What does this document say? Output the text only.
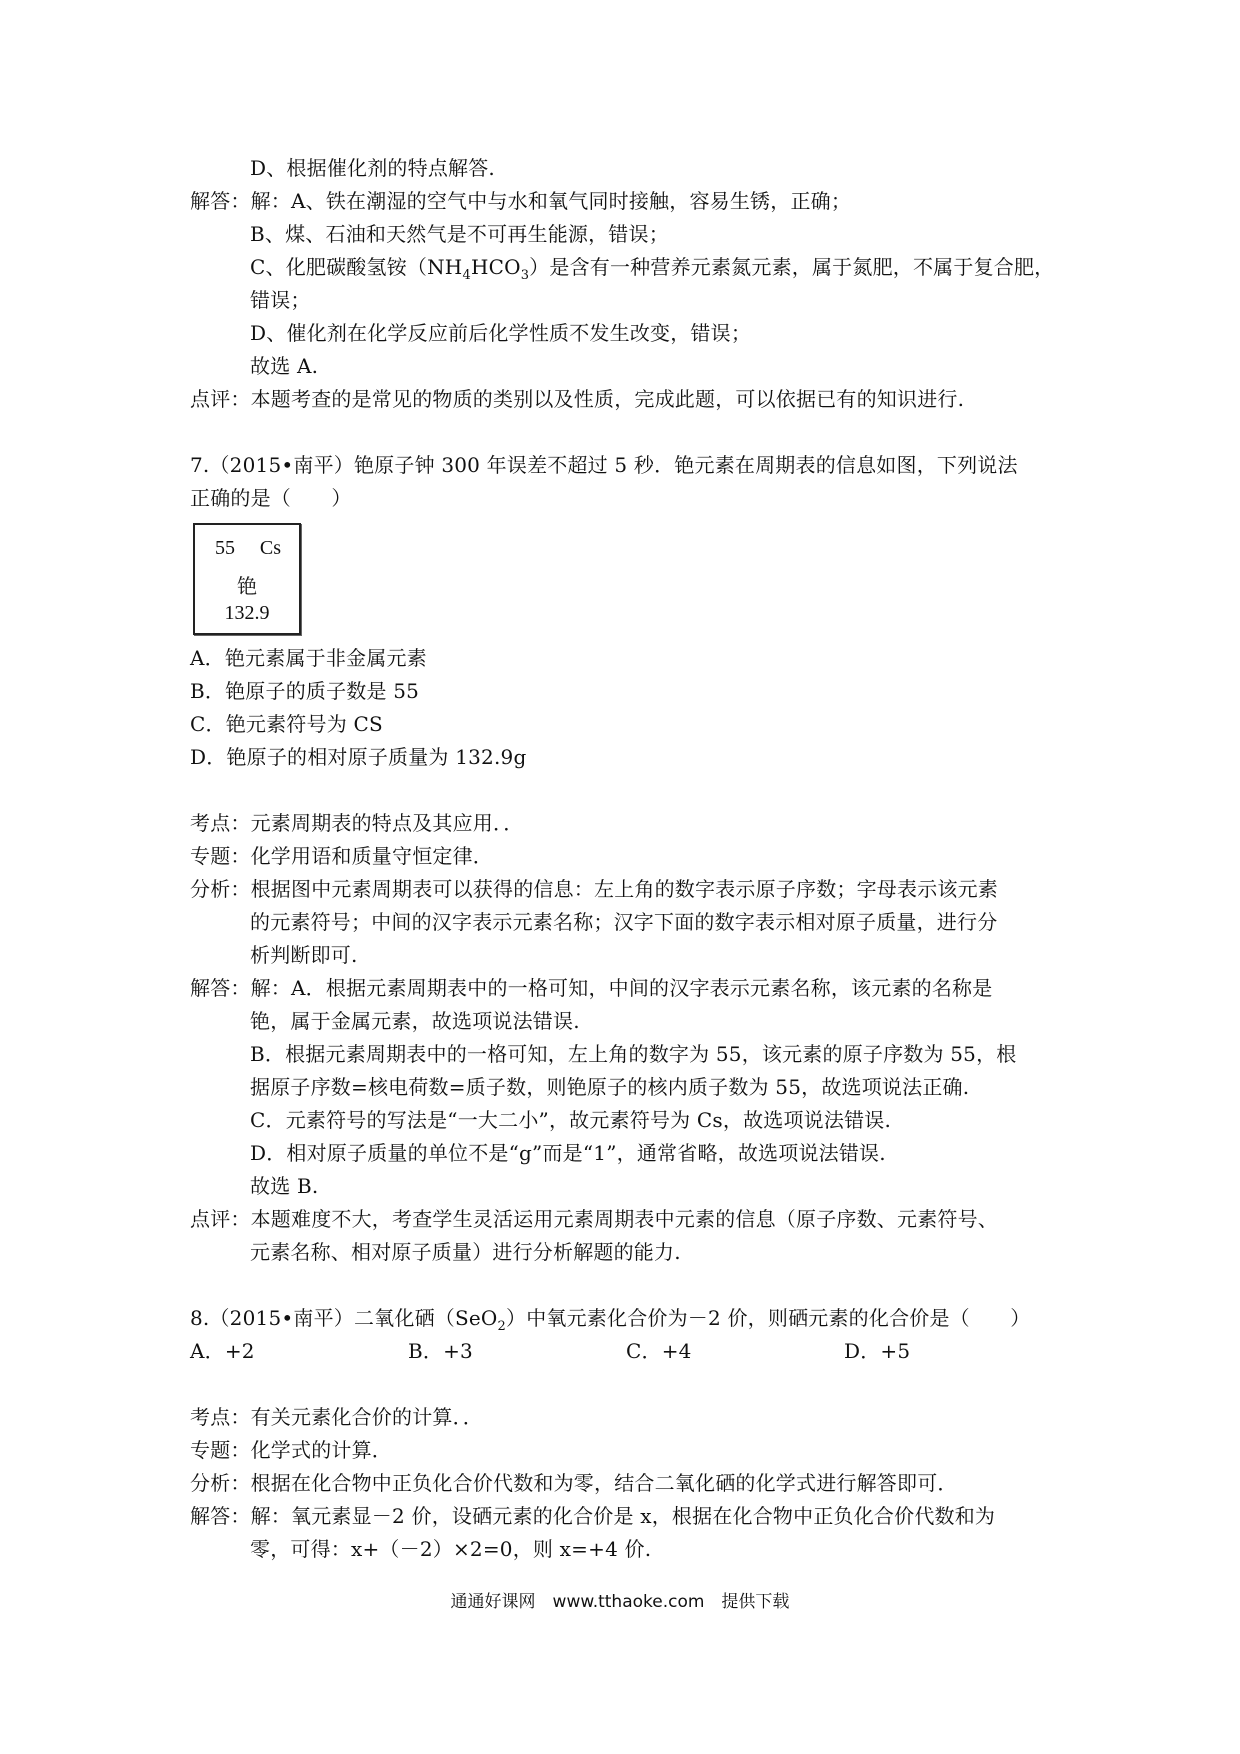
D、根据催化剂的特点解答.
解答：解：A、铁在潮湿的空气中与水和氧气同时接触，容易生锈，正确；
B、煤、石油和天然气是不可再生能源，错误；
C、化肥碳酸氢铵$(NH_4HCO_3)$是含有一种营养元素氮元素，属于氮肥，不属于复合肥，
错误；
D、催化剂在化学反应前后化学性质不发生改变，错误；
故选 A.
点评：本题考查的是常见的物质的类别以及性质，完成此题，可以依据已有的知识进行.
7.（2015•南平）铯原子钟 300 年误差不超过 5 秒．铯元素在周期表的信息如图，下列说法
正确的是（　　）
55 Cs
铯
132.9
A．铯元素属于非金属元素
B．铯原子的质子数是 55
C．铯元素符号为 CS
D．铯原子的相对原子质量为 132.9g
考点：元素周期表的特点及其应用．．
专题：化学用语和质量守恒定律．
分析：根据图中元素周期表可以获得的信息：左上角的数字表示原子序数；字母表示该元素
的元素符号；中间的汉字表示元素名称；汉字下面的数字表示相对原子质量，进行分
析判断即可.
解答：解：A．根据元素周期表中的一格可知，中间的汉字表示元素名称，该元素的名称是
铯，属于金属元素，故选项说法错误.
B．根据元素周期表中的一格可知，左上角的数字为 55，该元素的原子序数为 55，根
据原子序数=核电荷数=质子数，则铯原子的核内质子数为 55，故选项说法正确.
C．元素符号的写法是“一大二小”，故元素符号为 Cs，故选项说法错误.
D．相对原子质量的单位不是“g”而是“1”，通常省略，故选项说法错误.
故选 B.
点评：本题难度不大，考查学生灵活运用元素周期表中元素的信息（原子序数、元素符号、
元素名称、相对原子质量）进行分析解题的能力.
8.（2015•南平）二氧化硒（SeO$_2$）中氧元素化合价为－2 价，则硒元素的化合价是（　　）
A．+2	B．+3	C．+4	D．+5
考点：有关元素化合价的计算．．
专题：化学式的计算．
分析：根据在化合物中正负化合价代数和为零，结合二氧化硒的化学式进行解答即可．
解答：解：氧元素显－2 价，设硒元素的化合价是 x，根据在化合物中正负化合价代数和为
零，可得：x+（－2）×2=0，则 x=+4 价.
通通好课网　www.tthaoke.com　提供下载
